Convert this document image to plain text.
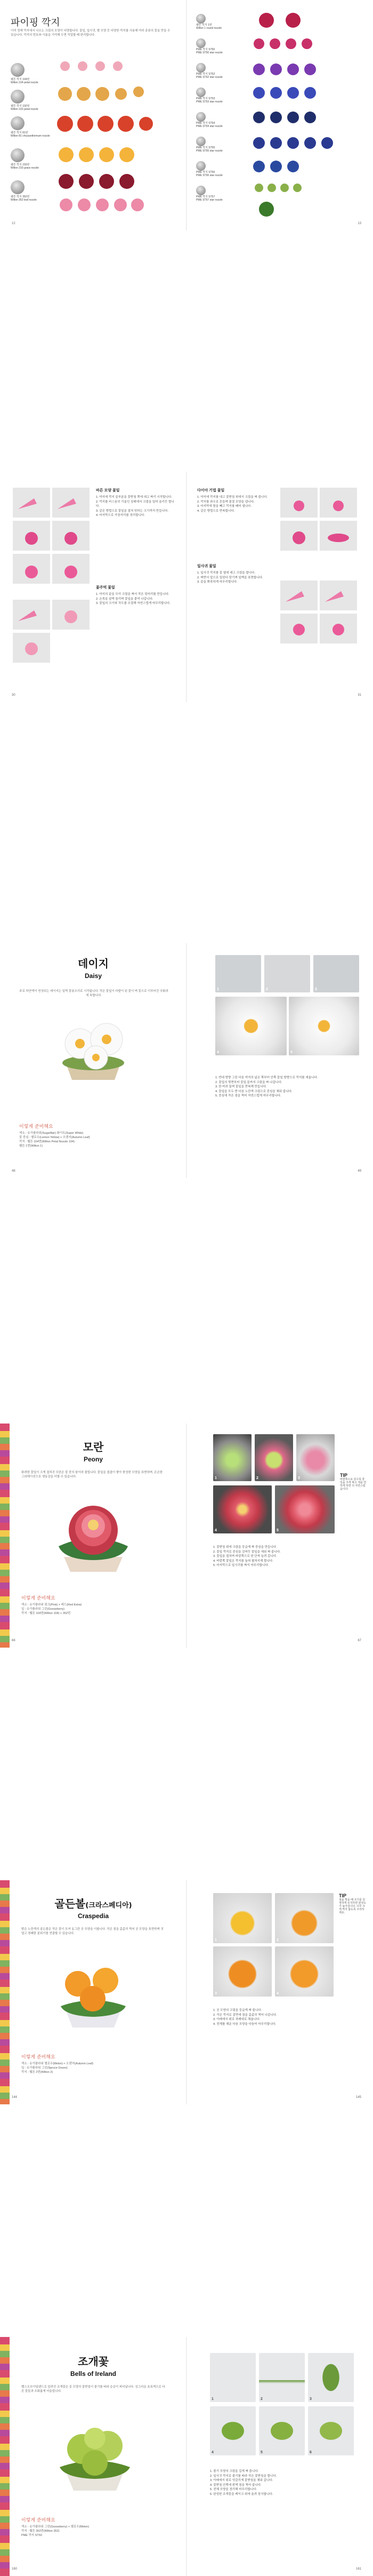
파이핑 깍지
이미 정해 깍지에서 나오는 크림의 모양이 다양합니다. 꽃잎, 잎사귀, 별 모양 등 다양한 깍지를 사용해 여러 종류의 꽃을 만들 수 있습니다. 깍지의 번호와 이름을 기억해 두면 작업할 때 편리합니다.
웰튼 깍지 104번
Wilton 104 petal nozzle
웰튼 깍지 102번
Wilton 102 petal nozzle
웰튼 깍지 81번
Wilton 81 chrysanthemum nozzle
웰튼 깍지 233번
Wilton 233 grass nozzle
웰튼 깍지 352번
Wilton 352 leaf nozzle
12
웰튼 깍지 1번
Wilton 1 round nozzle
PME 깍지 ST50
PME ST50 star nozzle
PME 깍지 ST52
PME ST52 star nozzle
PME 깍지 ST53
PME ST53 star nozzle
PME 깍지 ST54
PME ST54 star nozzle
PME 깍지 ST55
PME ST55 star nozzle
PME 깍지 ST56
PME ST56 star nozzle
PME 깍지 ST57
PME ST57 star nozzle
13
바른 모양 꽃잎
1. 약지에 깍지 끝부분을 꽃받침 쪽에 대고 짜기 시작합니다.
2. 깍지를 비스듬히 기울인 상태에서 크림을 밀어 올리듯 짭니다.
3. 같은 방법으로 꽃잎을 겹쳐 원하는 크기까지 만듭니다.
4. 마지막으로 가장자리를 정리합니다.
꽃주먹 꽃잎
1. 약지의 끝을 모아 크림을 짜서 작은 덩어리를 만듭니다.
2. 손목을 살짝 돌리며 꽃잎을 붙여 나갑니다.
3. 꽃잎의 크기와 각도를 조절해 자연스럽게 마무리합니다.
30
다이아 기법 꽃잎
1. 약지에 깍지를 대고 꽃받침 위에서 크림을 짜 줍니다.
2. 깍지를 좌우로 흔들며 물결 모양을 냅니다.
3. 마지막에 힘을 빼고 깍지를 떼어 냅니다.
4. 같은 방법으로 반복합니다.
잎사귀 꽃잎
1. 잎사귀 깍지를 꽃 옆에 대고 크림을 짭니다.
2. 짜면서 앞으로 밀었다 당기며 잎맥을 표현합니다.
3. 끝을 뾰족하게 마무리합니다.
31
데이지
Daisy
주로 하얀색이 연상되는 데이지는 일찍 꽃봉오리로 시작됩니다. 작은 꽃잎이 다발이 된 꽃이 며 꽃으로 이루어진 국화과에 속합니다.
이렇게 준비해요
색소 : 슈가플라워(Sugarflair) 화이트(Super White)
꽃 중심 : 옐로우(Lemon Yellow) + 오렌지(Autumn Leaf)
깍지 : 웰튼 104번(Wilton Petal Nozzle 104)
웰튼 1번(Wilton 1)
48
1	2	3
4	5
1. 반대 방향 그린 다음 약지의 넓은 쪽부터 안쪽 꽃잎 방향으로 깍지를 세웁니다.
2. 꽃잎의 뒷면부터 꽃잎 끝까지 크림을 짜 나갑니다.
3. 한 바퀴 돌며 꽃잎을 반복해 만듭니다.
4. 꽃잎을 모두 짠 다음 노란색 크림으로 중심을 채워 줍니다.
5. 중심에 작은 점을 찍어 자연스럽게 마무리합니다.
49
모란
Peony
화려한 꽃잎이 크게 겹쳐진 모란은 꽃 중의 왕이라 불립니다. 꽃잎을 겹겹이 쌓아 풍성한 모양을 표현하며, 은은한 그라데이션으로 생동감을 더할 수 있습니다.
이렇게 준비해요
색소 : 슈가플라워 핑크(Pink) + 레드(Red Extra)
잎 : 슈가플라워 그린(Gooseberry)
깍지 : 웰튼 104번(Wilton 104) + 352번
66
1	2	3
4	5
TIP
바깥쪽으로 갈수록 꽃잎을 크게 짜고 색을 연하게 하면 더 자연스럽습니다.
1. 꽃받침 위에 크림을 둥글게 짜 중심을 만듭니다.
2. 꽃잎 깍지로 중심을 감싸듯 꽃잎을 세워 짜 줍니다.
3. 꽃잎을 겹치며 바깥쪽으로 한 단씩 늘려 갑니다.
4. 바깥쪽 꽃잎은 깍지를 눕혀 펼쳐지게 짭니다.
5. 마지막으로 잎사귀를 짜서 마무리합니다.
67
골든볼(크라스페디아)
Craspedia
밝은 노란색의 골든볼은 작은 꽃이 모여 동그란 공 모양을 이룹니다. 작은 점을 촘촘히 찍어 공 모양을 표현하며 귀엽고 경쾌한 분위기를 연출할 수 있습니다.
이렇게 준비해요
색소 : 슈가플라워 옐로우(Melon) + 오렌지(Autumn Leaf)
잎 : 슈가플라워 그린(Spruce Green)
깍지 : 웰튼 2번(Wilton 2)
144
1	2
3	4
TIP
점을 찍을 때 크기를 일정하게 유지하면 완성도가 높아집니다. 너무 크게 찍지 않도록 주의하세요.
1. 공 모양의 크림을 둥글게 짜 줍니다.
2. 작은 깍지로 겉면에 점을 촘촘히 찍어 나갑니다.
3. 아래에서 위로 차례대로 채웁니다.
4. 전체를 채운 다음 모양을 다듬어 마무리합니다.
145
조개꽃
Bells of Ireland
벨스오브아일랜드로 알려진 조개꽃은 종 모양의 꽃받침이 줄기를 따라 층층이 피어납니다. 싱그러운 초록색으로 다른 꽃들과 조화롭게 어울립니다.
이렇게 준비해요
색소 : 슈가플라워 그린(Gooseberry) + 옐로우(Melon)
깍지 : 웰튼 352번(Wilton 352)
PME 깍지 ST50
160
1	2	3
4	5	6
1. 줄기 모양의 크림을 길게 짜 줍니다.
2. 잎사귀 깍지로 줄기를 따라 작은 꽃받침을 짭니다.
3. 아래에서 위로 엇갈리게 꽃받침을 채워 갑니다.
4. 꽃받침 안쪽에 흰색 점을 찍어 줍니다.
5. 전체 모양을 정리해 마무리합니다.
6. 완성한 조개꽃을 케이크 위에 올려 장식합니다.
161
